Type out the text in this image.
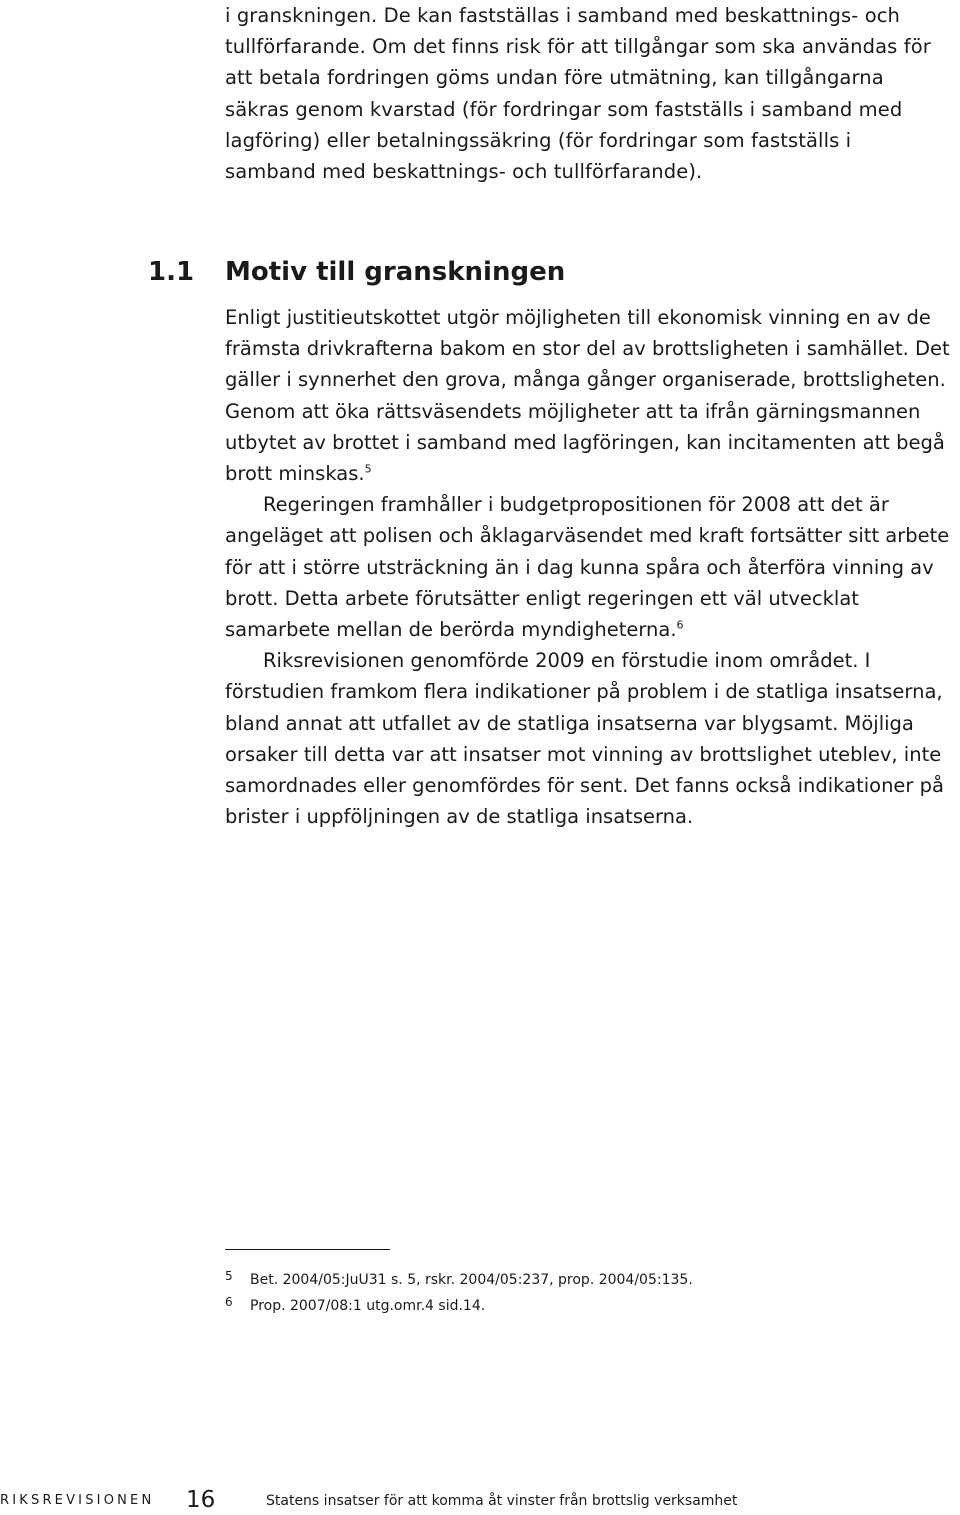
i granskningen. De kan fastställas i samband med beskattnings- och tullförfarande. Om det finns risk för att tillgångar som ska användas för att betala fordringen göms undan före utmätning, kan tillgångarna säkras genom kvarstad (för fordringar som fastställs i samband med lagföring) eller betalningssäkring (för fordringar som fastställs i samband med beskattnings- och tullförfarande).

1.1 Motiv till granskningen

Enligt justitieutskottet utgör möjligheten till ekonomisk vinning en av de främsta drivkrafterna bakom en stor del av brottsligheten i samhället. Det gäller i synnerhet den grova, många gånger organiserade, brottsligheten. Genom att öka rättsväsendets möjligheter att ta ifrån gärningsmannen utbytet av brottet i samband med lagföringen, kan incitamenten att begå brott minskas.$^5$

Regeringen framhåller i budgetpropositionen för 2008 att det är angeläget att polisen och åklagarväsendet med kraft fortsätter sitt arbete för att i större utsträckning än i dag kunna spåra och återföra vinning av brott. Detta arbete förutsätter enligt regeringen ett väl utvecklat samarbete mellan de berörda myndigheterna.$^6$

Riksrevisionen genomförde 2009 en förstudie inom området. I förstudien framkom flera indikationer på problem i de statliga insatserna, bland annat att utfallet av de statliga insatserna var blygsamt. Möjliga orsaker till detta var att insatser mot vinning av brottslighet uteblev, inte samordnades eller genomfördes för sent. Det fanns också indikationer på brister i uppföljningen av de statliga insatserna.

5	Bet. 2004/05:JuU31 s. 5, rskr. 2004/05:237, prop. 2004/05:135.
6	Prop. 2007/08:1 utg.omr.4 sid.14.
RIKSREVISIONEN 16	Statens insatser för att komma åt vinster från brottslig verksamhet
